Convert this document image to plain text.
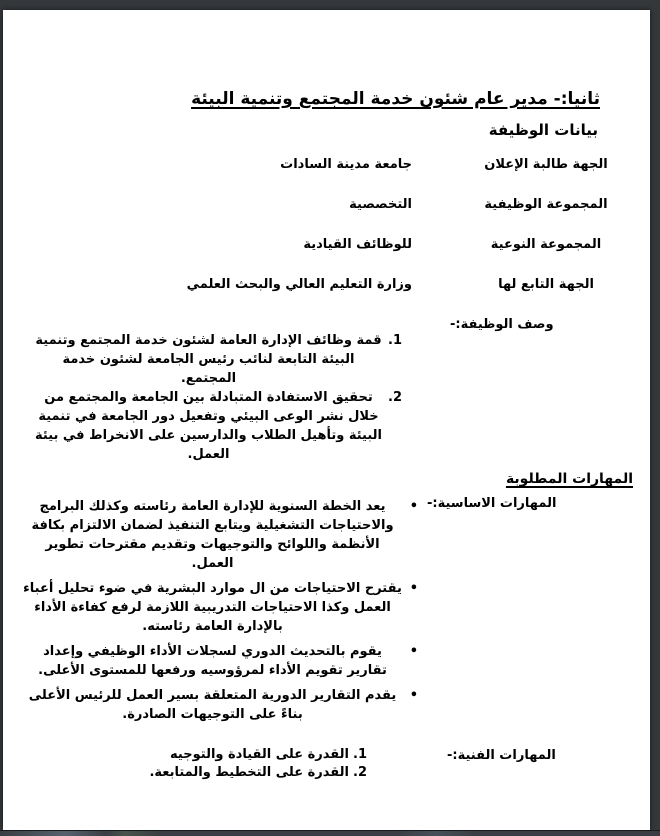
ثانيا:- مدير عام شئون خدمة المجتمع وتنمية البيئة
بيانات الوظيفة
الجهة طالبة الإعلان
جامعة مدينة السادات
المجموعة الوظيفية
التخصصية
المجموعة النوعية
للوظائف القيادية
الجهة التابع لها
وزارة التعليم العالي والبحث العلمي
وصف الوظيفة:-
1.
قمة وظائف الإدارة العامة لشئون خدمة المجتمع وتنمية البيئة التابعة لنائب رئيس الجامعة لشئون خدمة المجتمع.
2.
تحقيق الاستفادة المتبادلة بين الجامعة والمجتمع من خلال نشر الوعى البيئي وتفعيل دور الجامعة في تنمية البيئة وتأهيل الطلاب والدارسين على الانخراط في بيئة العمل.
المهارات المطلوبة
المهارات الاساسية:-
•
يعد الخطة السنوية للإدارة العامة رئاسته وكذلك البرامج والاحتياجات التشغيلية ويتابع التنفيذ لضمان الالتزام بكافة الأنظمة واللوائح والتوجيهات وتقديم مقترحات تطوير العمل.
•
يقترح الاحتياجات من ال موارد البشرية في ضوء تحليل أعباء العمل وكذا الاحتياجات التدريبية اللازمة لرفع كفاءة الأداء بالإدارة العامة رئاسته.
•
يقوم بالتحديث الدوري لسجلات الأداء الوظيفي وإعداد تقارير تقويم الأداء لمرؤوسيه ورفعها للمستوى الأعلى.
•
يقدم التقارير الدورية المتعلقة بسير العمل للرئيس الأعلى بناءً على التوجيهات الصادرة.
المهارات الفنية:-
1.
القدرة على القيادة والتوجيه
2.
القدرة على التخطيط والمتابعة.
